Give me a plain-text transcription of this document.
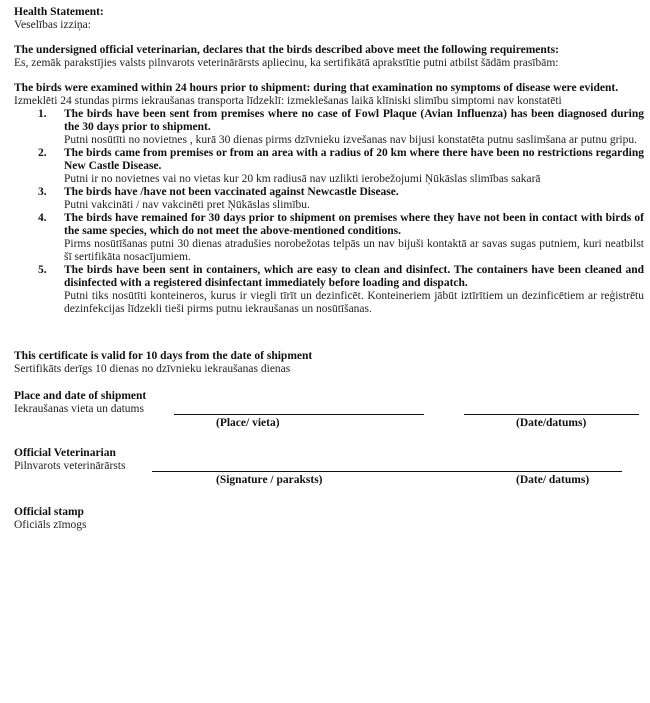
Health Statement:
Veselības izziņa:
The undersigned official veterinarian, declares that the birds described above meet the following requirements:
Es, zemāk parakstījies valsts pilnvarots veterinārārsts apliecinu, ka sertifikātā aprakstītie putni atbilst šādām prasībām:
The birds were examined within 24 hours prior to shipment: during that examination no symptoms of disease were evident.
Izmeklēti 24 stundas pirms iekraušanas transporta līdzeklī: izmeklešanas laikā klīniski slimību simptomi nav konstatēti
1. The birds have been sent from premises where no case of Fowl Plaque (Avian Influenza) has been diagnosed during the 30 days prior to shipment.
Putni nosūtīti no novietnes , kurā 30 dienas pirms dzīvnieku izvešanas nav bijusi konstatēta putnu saslimšana ar putnu gripu.
2. The birds came from premises or from an area with a radius of 20 km where there have been no restrictions regarding New Castle Disease.
Putni ir no novietnes vai no vietas kur 20 km radiusā nav uzlikti ierobežojumi Ņūkāslas slimības sakarā
3. The birds have /have not been vaccinated against Newcastle Disease.
Putni vakcināti / nav vakcinēti pret Ņūkāslas slimību.
4. The birds have remained for 30 days prior to shipment on premises where they have not been in contact with birds of the same species, which do not meet the above-mentioned conditions.
Pirms nosūtīšanas putni 30 dienas atradušies norobežotas telpās un nav bijuši kontaktā ar savas sugas putniem, kuri neatbilst šī sertifikāta nosacījumiem.
5. The birds have been sent in containers, which are easy to clean and disinfect. The containers have been cleaned and disinfected with a registered disinfectant immediately before loading and dispatch.
Putni tiks nosūtīti konteineros, kurus ir viegli tīrīt un dezinficēt. Konteineriem jābūt iztīrītiem un dezinficētiem ar reģistrētu dezinfekcijas līdzekli tieši pirms putnu iekraušanas un nosūtīšanas.
This certificate is valid for 10 days from the date of shipment
Sertifikāts derīgs 10 dienas no dzīvnieku iekraušanas dienas
Place and date of shipment
Iekraušanas vieta un datums
(Place/ vieta)	(Date/datums)
Official Veterinarian
Pilnvarots veterinārārsts
(Signature / paraksts)	(Date/ datums)
Official stamp
Oficiāls zīmogs
